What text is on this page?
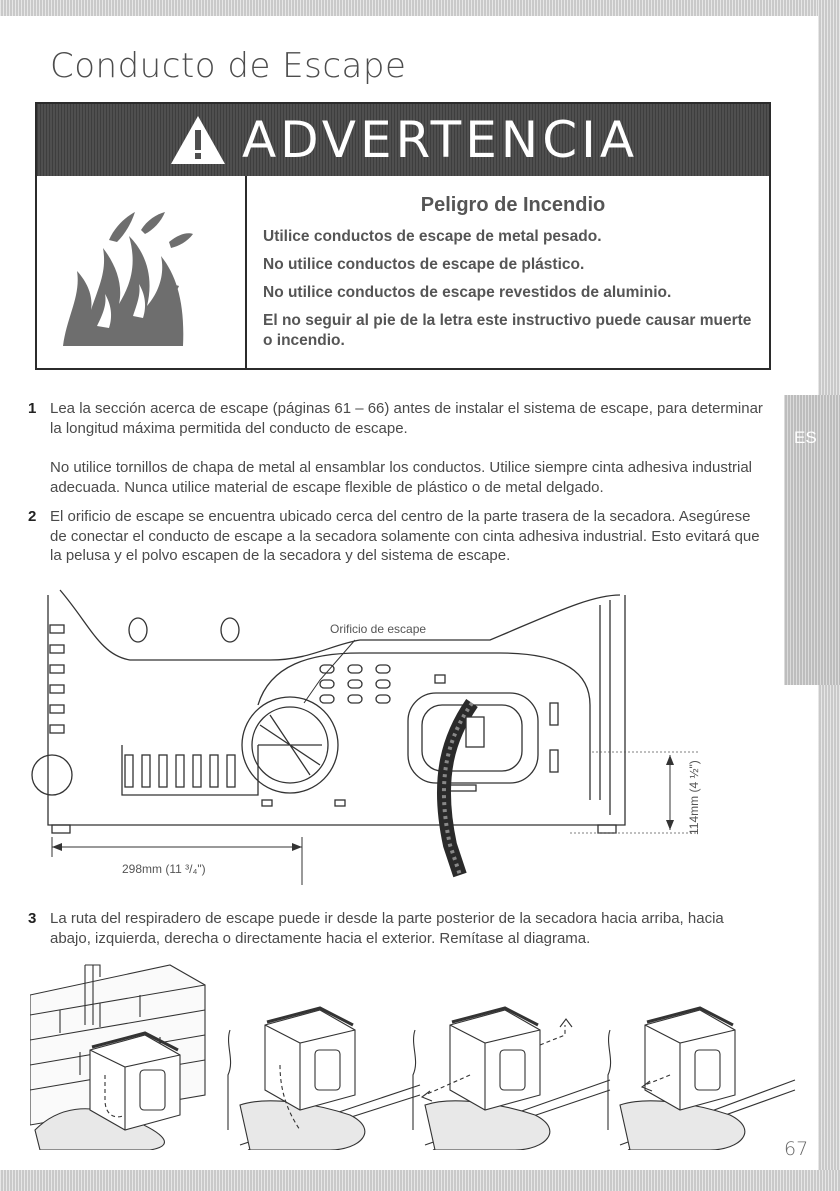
ES
Conducto de Escape
ADVERTENCIA

Peligro de Incendio

Utilice conductos de escape de metal pesado.

No utilice conductos de escape de plástico.

No utilice conductos de escape revestidos de aluminio.

El no seguir al pie de la letra este instructivo puede causar muerte o incendio.

1 Lea la sección acerca de escape (páginas 61 – 66) antes de instalar el sistema de escape, para determinar la longitud máxima permitida del conducto de escape.
No utilice tornillos de chapa de metal al ensamblar los conductos. Utilice siempre cinta adhesiva industrial adecuada. Nunca utilice material de escape flexible de plástico o de metal delgado.
2 El orificio de escape se encuentra ubicado cerca del centro de la parte trasera de la secadora. Asegúrese de conectar el conducto de escape a la secadora solamente con cinta adhesiva industrial. Esto evitará que la pelusa y el polvo escapen de la secadora y del sistema de escape.
Orificio de escape
298mm (11 ³/₄")
114mm (4 ½")
3 La ruta del respiradero de escape puede ir desde la parte posterior de la secadora hacia arriba, hacia abajo, izquierda, derecha o directamente hacia el exterior. Remítase al diagrama.
67
